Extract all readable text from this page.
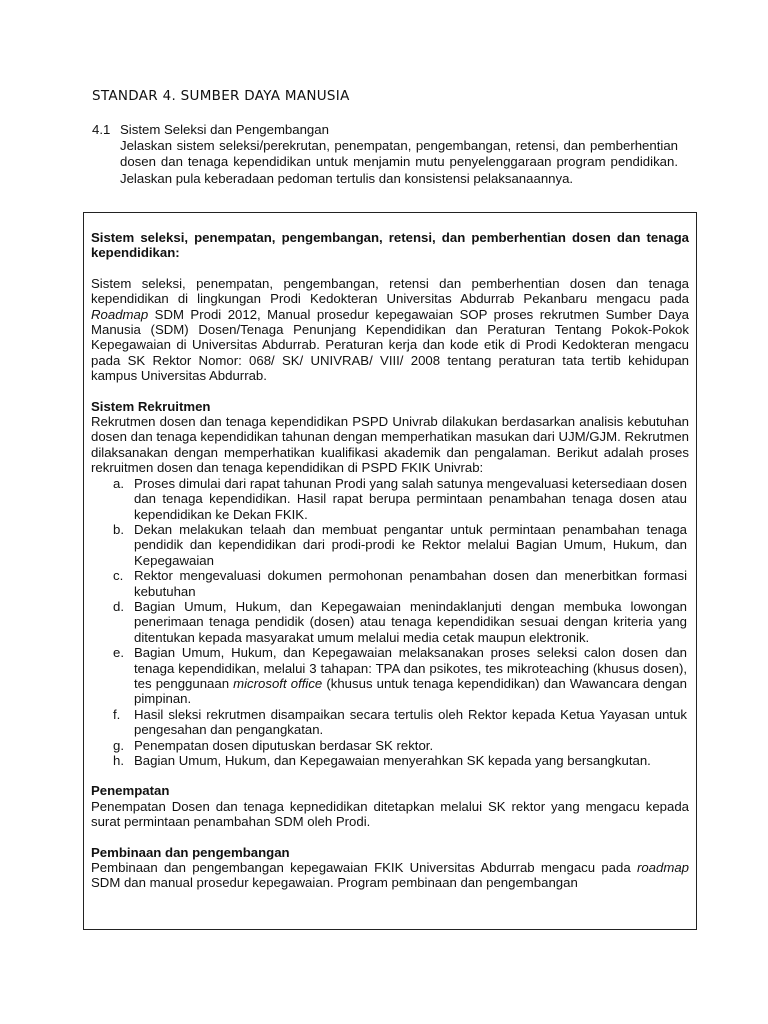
STANDAR 4. SUMBER DAYA MANUSIA
4.1 Sistem Seleksi dan Pengembangan
Jelaskan sistem seleksi/perekrutan, penempatan, pengembangan, retensi, dan pemberhentian dosen dan tenaga kependidikan untuk menjamin mutu penyelenggaraan program pendidikan. Jelaskan pula keberadaan pedoman tertulis dan konsistensi pelaksanaannya.

Sistem seleksi, penempatan, pengembangan, retensi, dan pemberhentian dosen dan tenaga kependidikan:

Sistem seleksi, penempatan, pengembangan, retensi dan pemberhentian dosen dan tenaga kependidikan di lingkungan Prodi Kedokteran Universitas Abdurrab Pekanbaru mengacu pada Roadmap SDM Prodi 2012, Manual prosedur kepegawaian SOP proses rekrutmen Sumber Daya Manusia (SDM) Dosen/Tenaga Penunjang Kependidikan dan Peraturan Tentang Pokok-Pokok Kepegawaian di Universitas Abdurrab. Peraturan kerja dan kode etik di Prodi Kedokteran mengacu pada SK Rektor Nomor: 068/ SK/ UNIVRAB/ VIII/ 2008 tentang peraturan tata tertib kehidupan kampus Universitas Abdurrab.

Sistem Rekruitmen

Rekrutmen dosen dan tenaga kependidikan PSPD Univrab dilakukan berdasarkan analisis kebutuhan dosen dan tenaga kependidikan tahunan dengan memperhatikan masukan dari UJM/GJM. Rekrutmen dilaksanakan dengan memperhatikan kualifikasi akademik dan pengalaman. Berikut adalah proses rekruitmen dosen dan tenaga kependidikan di PSPD FKIK Univrab:

a. Proses dimulai dari rapat tahunan Prodi yang salah satunya mengevaluasi ketersediaan dosen dan tenaga kependidikan. Hasil rapat berupa permintaan penambahan tenaga dosen atau kependidikan ke Dekan FKIK.
b. Dekan melakukan telaah dan membuat pengantar untuk permintaan penambahan tenaga pendidik dan kependidikan dari prodi-prodi ke Rektor melalui Bagian Umum, Hukum, dan Kepegawaian
c. Rektor mengevaluasi dokumen permohonan penambahan dosen dan menerbitkan formasi kebutuhan
d. Bagian Umum, Hukum, dan Kepegawaian menindaklanjuti dengan membuka lowongan penerimaan tenaga pendidik (dosen) atau tenaga kependidikan sesuai dengan kriteria yang ditentukan kepada masyarakat umum melalui media cetak maupun elektronik.
e. Bagian Umum, Hukum, dan Kepegawaian melaksanakan proses seleksi calon dosen dan tenaga kependidikan, melalui 3 tahapan: TPA dan psikotes, tes mikroteaching (khusus dosen), tes penggunaan microsoft office (khusus untuk tenaga kependidikan) dan Wawancara dengan pimpinan.
f. Hasil sleksi rekrutmen disampaikan secara tertulis oleh Rektor kepada Ketua Yayasan untuk pengesahan dan pengangkatan.
g. Penempatan dosen diputuskan berdasar SK rektor.
h. Bagian Umum, Hukum, dan Kepegawaian menyerahkan SK kepada yang bersangkutan.

Penempatan

Penempatan Dosen dan tenaga kepnedidikan ditetapkan melalui SK rektor yang mengacu kepada surat permintaan penambahan SDM oleh Prodi.

Pembinaan dan pengembangan

Pembinaan dan pengembangan kepegawaian FKIK Universitas Abdurrab mengacu pada roadmap SDM dan manual prosedur kepegawaian. Program pembinaan dan pengembangan
